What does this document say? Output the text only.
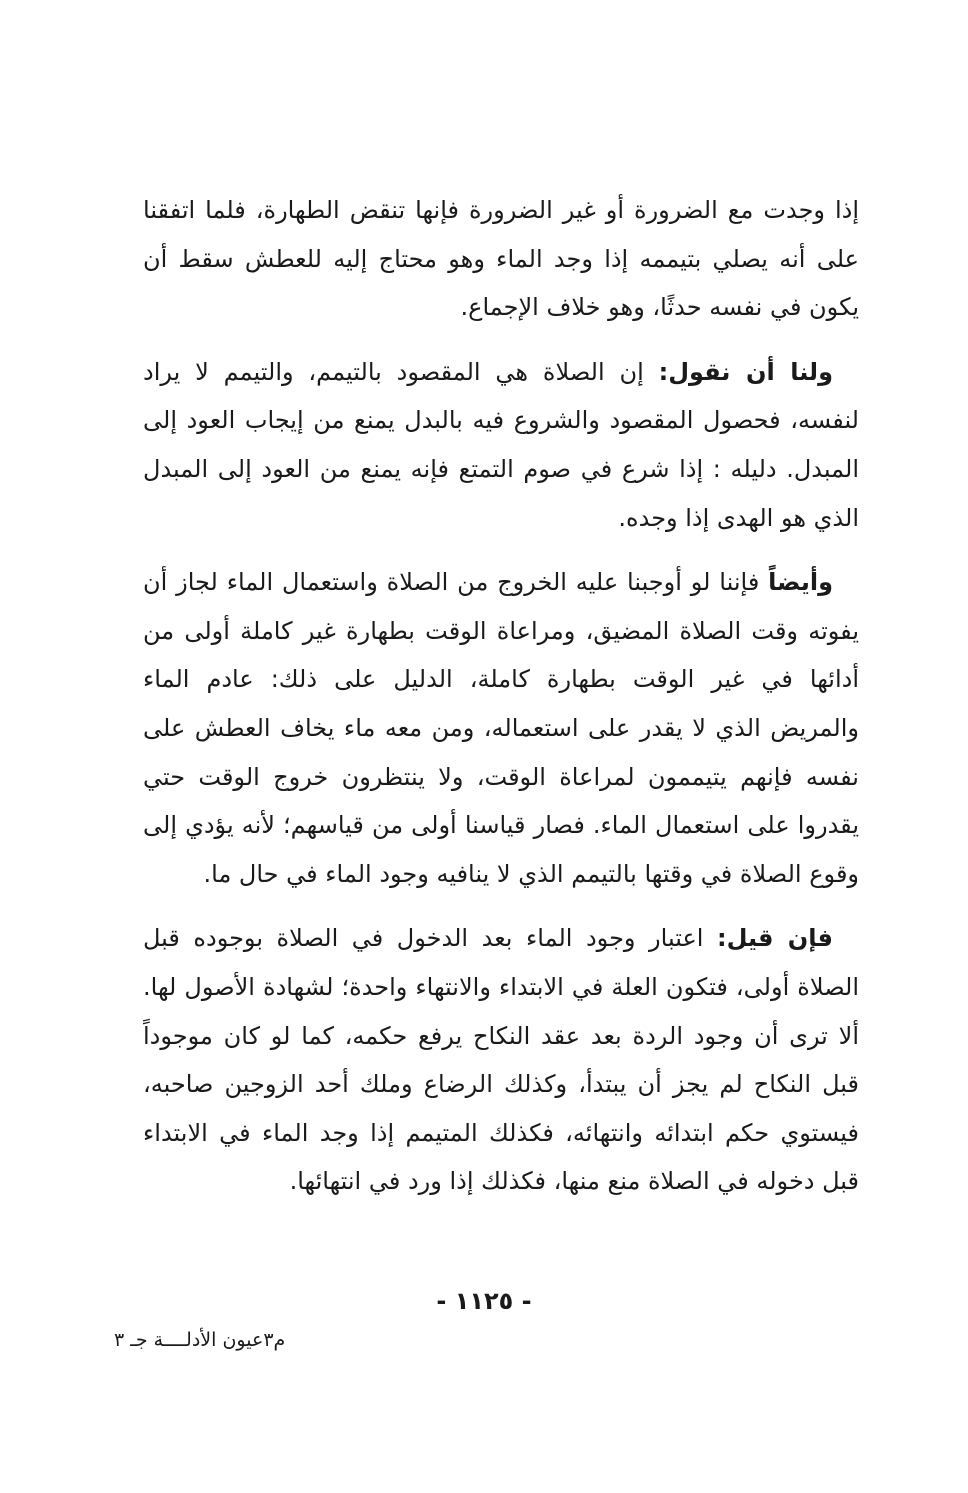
إذا وجدت مع الضرورة أو غير الضرورة فإنها تنقض الطهارة، فلما اتفقنا على أنه يصلي بتيممه إذا وجد الماء وهو محتاج إليه للعطش سقط أن يكون في نفسه حدثًا، وهو خلاف الإجماع.

ولنا أن نقول: إن الصلاة هي المقصود بالتيمم، والتيمم لا يراد لنفسه، فحصول المقصود والشروع فيه بالبدل يمنع من إيجاب العود إلى المبدل. دليله : إذا شرع في صوم التمتع فإنه يمنع من العود إلى المبدل الذي هو الهدى إذا وجده.

وأيضاً فإننا لو أوجبنا عليه الخروج من الصلاة واستعمال الماء لجاز أن يفوته وقت الصلاة المضيق، ومراعاة الوقت بطهارة غير كاملة أولى من أدائها في غير الوقت بطهارة كاملة، الدليل على ذلك: عادم الماء والمريض الذي لا يقدر على استعماله، ومن معه ماء يخاف العطش على نفسه فإنهم يتيممون لمراعاة الوقت، ولا ينتظرون خروج الوقت حتي يقدروا على استعمال الماء. فصار قياسنا أولى من قياسهم؛ لأنه يؤدي إلى وقوع الصلاة في وقتها بالتيمم الذي لا ينافيه وجود الماء في حال ما.

فإن قيل: اعتبار وجود الماء بعد الدخول في الصلاة بوجوده قبل الصلاة أولى، فتكون العلة في الابتداء والانتهاء واحدة؛ لشهادة الأصول لها. ألا ترى أن وجود الردة بعد عقد النكاح يرفع حكمه، كما لو كان موجوداً قبل النكاح لم يجز أن يبتدأ، وكذلك الرضاع وملك أحد الزوجين صاحبه، فيستوي حكم ابتدائه وانتهائه، فكذلك المتيمم إذا وجد الماء في الابتداء قبل دخوله في الصلاة منع منها، فكذلك إذا ورد في انتهائها.

- ١١٢٥ -
م٣عيون الأدلــــة جـ ٣
